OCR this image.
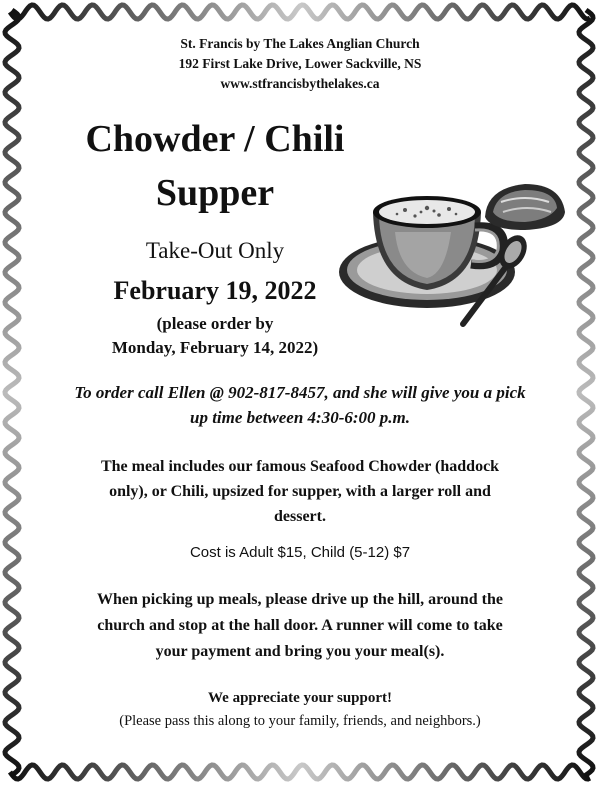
St. Francis by The Lakes Anglian Church
192 First Lake Drive, Lower Sackville, NS
www.stfrancisbythelakes.ca
Chowder / Chili
Supper
Take-Out Only
February 19, 2022
(please order by
Monday, February 14, 2022)
To order call Ellen @ 902-817-8457, and she will give you a pick
up time between 4:30-6:00 p.m.
The meal includes our famous Seafood Chowder (haddock
only), or Chili, upsized for supper, with a larger roll and
dessert.
Cost is Adult $15, Child (5-12) $7
When picking up meals, please drive up the hill, around the
church and stop at the hall door. A runner will come to take
your payment and bring you your meal(s).
We appreciate your support!
(Please pass this along to your family, friends, and neighbors.)
